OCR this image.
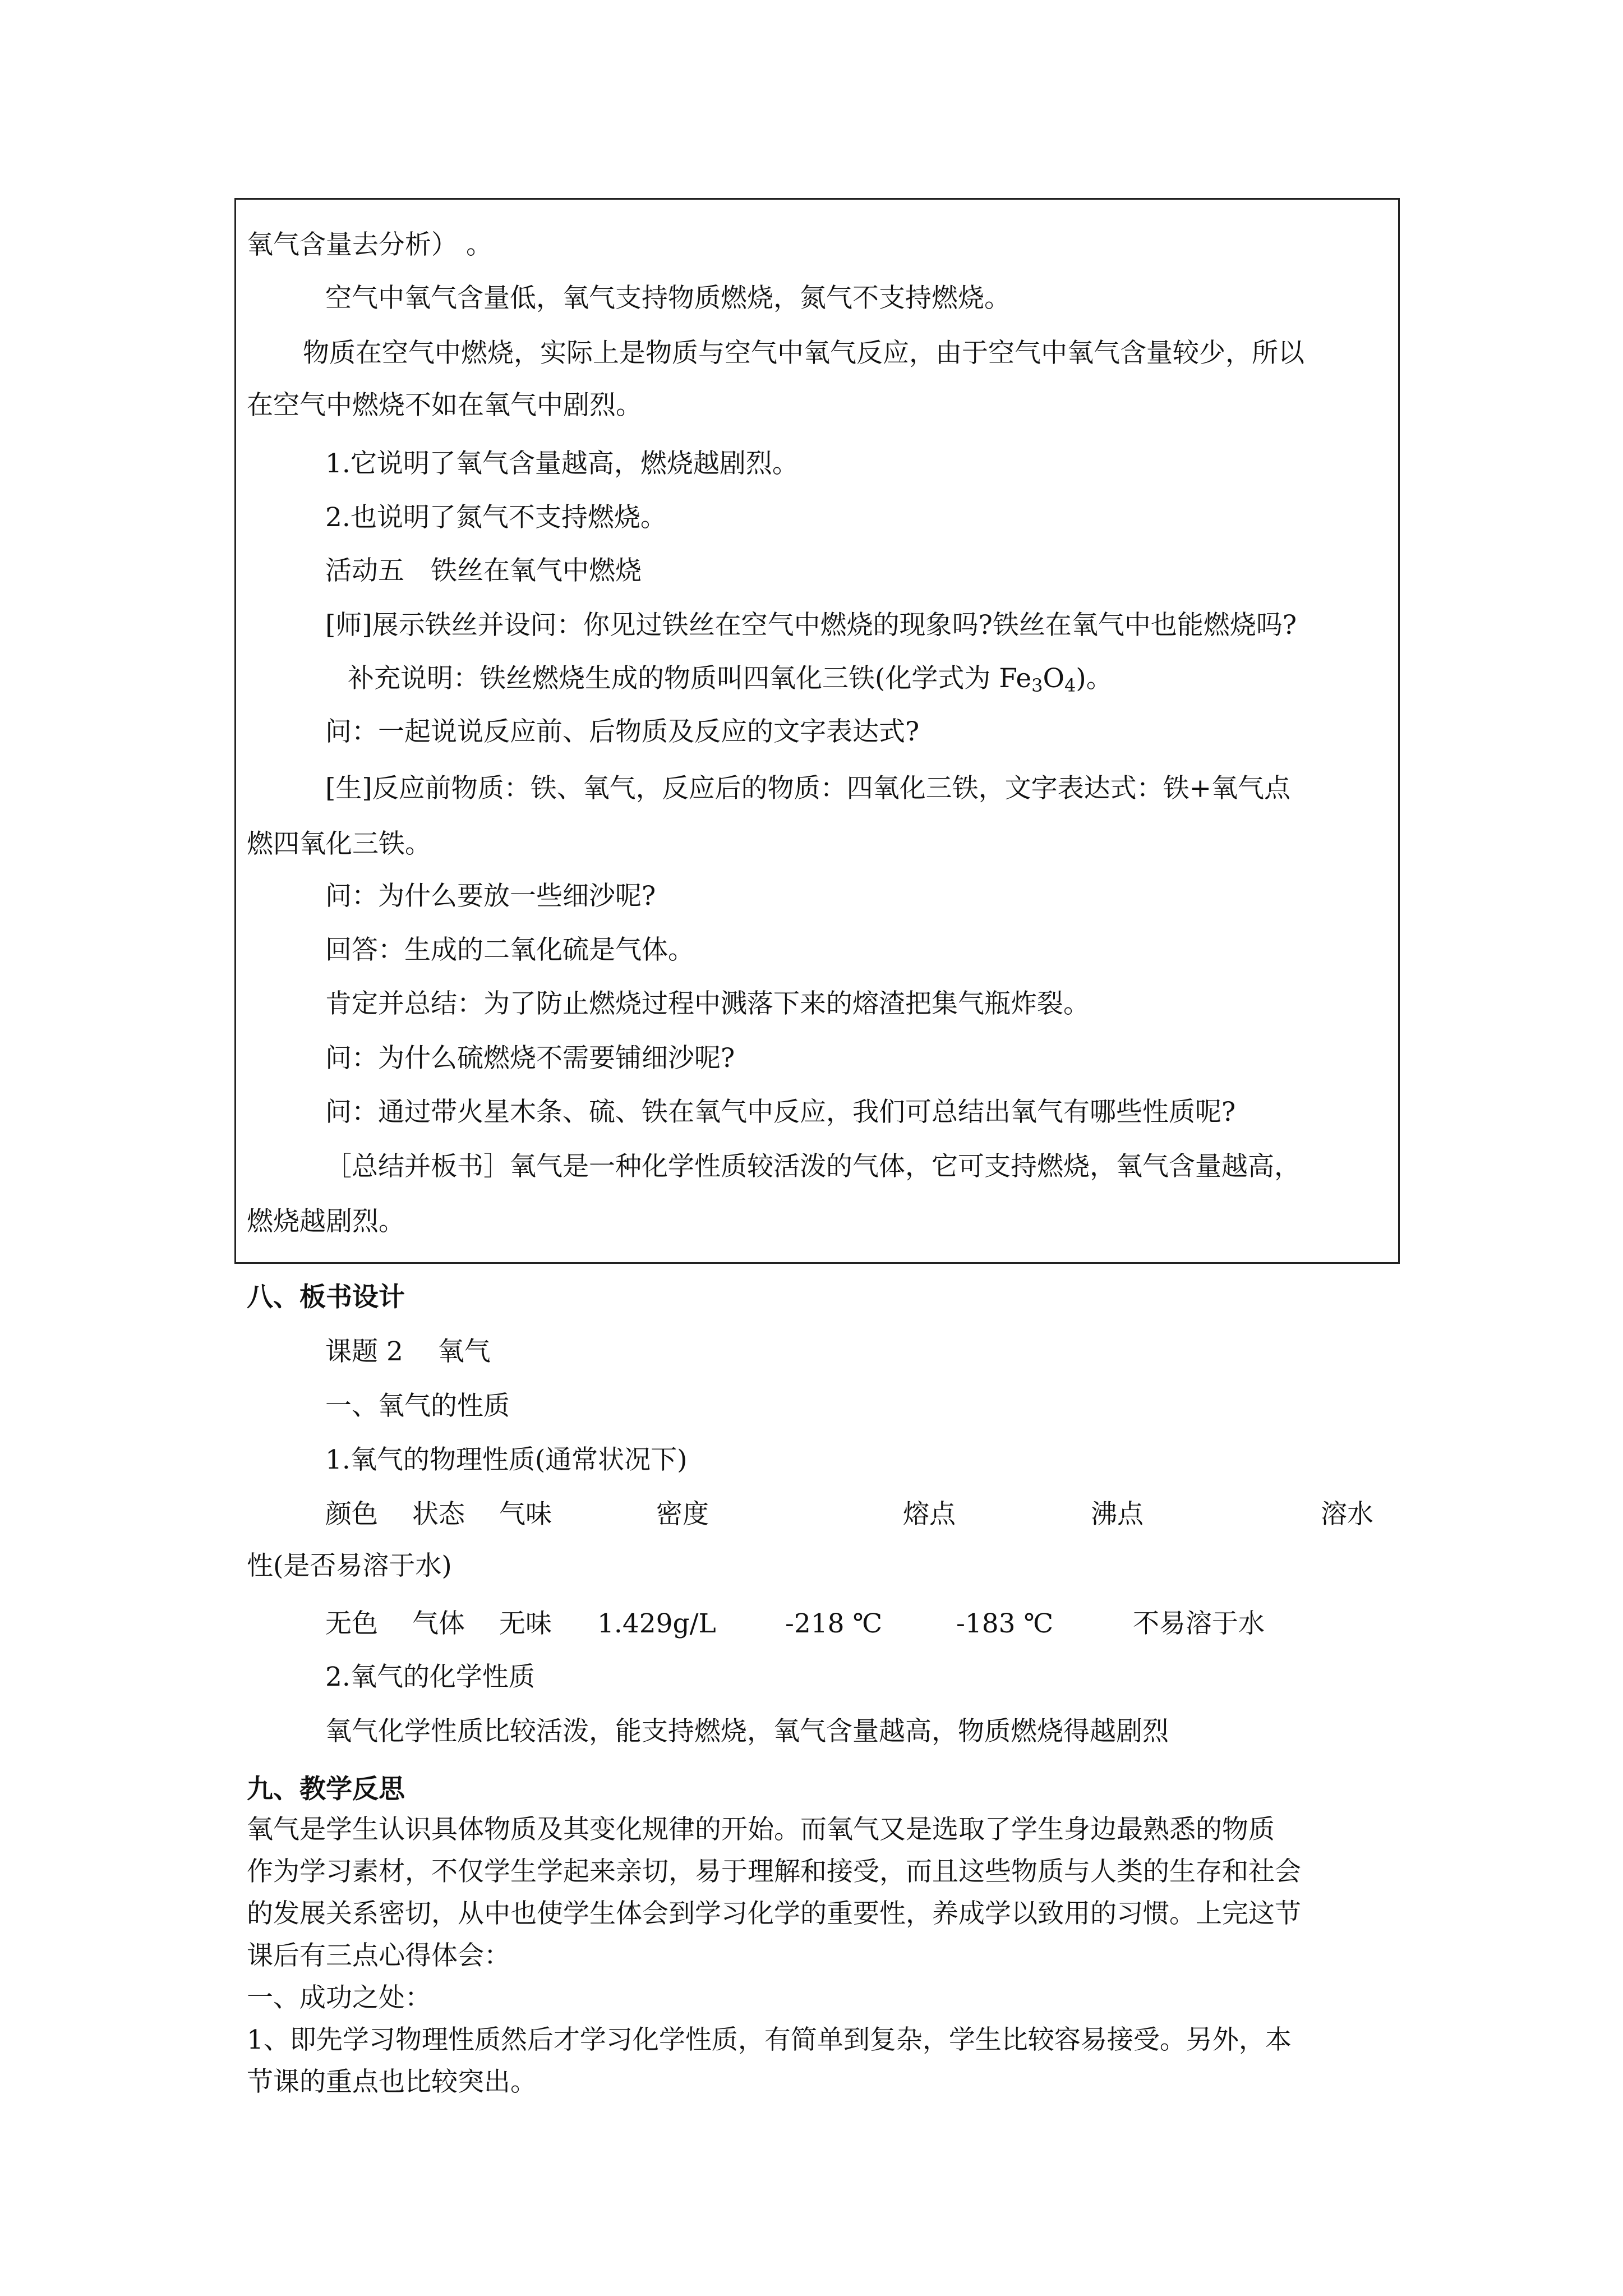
氧气含量去分析） 。
空气中氧气含量低，氧气支持物质燃烧，氮气不支持燃烧。
物质在空气中燃烧，实际上是物质与空气中氧气反应，由于空气中氧气含量较少，所以
在空气中燃烧不如在氧气中剧烈。
1.它说明了氧气含量越高，燃烧越剧烈。
2.也说明了氮气不支持燃烧。
活动五　铁丝在氧气中燃烧
[师]展示铁丝并设问：你见过铁丝在空气中燃烧的现象吗?铁丝在氧气中也能燃烧吗?
补充说明：铁丝燃烧生成的物质叫四氧化三铁(化学式为 $Fe_3O_4$)。
问：一起说说反应前、后物质及反应的文字表达式?
[生]反应前物质：铁、氧气，反应后的物质：四氧化三铁，文字表达式：铁+氧气点
燃四氧化三铁。
问：为什么要放一些细沙呢?
回答：生成的二氧化硫是气体。
肯定并总结：为了防止燃烧过程中溅落下来的熔渣把集气瓶炸裂。
问：为什么硫燃烧不需要铺细沙呢?
问：通过带火星木条、硫、铁在氧气中反应，我们可总结出氧气有哪些性质呢?
［总结并板书］氧气是一种化学性质较活泼的气体，它可支持燃烧，氧气含量越高，
燃烧越剧烈。
八、板书设计
课题 2　 氧气
一、氧气的性质
1.氧气的物理性质(通常状况下)
颜色 状态 气味	密度	熔点	沸点	溶水
性(是否易溶于水)
无色 气体 无味 1.429g/L	-218 ℃	-183 ℃	不易溶于水
2.氧气的化学性质
氧气化学性质比较活泼，能支持燃烧，氧气含量越高，物质燃烧得越剧烈
九、教学反思
氧气是学生认识具体物质及其变化规律的开始。而氧气又是选取了学生身边最熟悉的物质
作为学习素材，不仅学生学起来亲切，易于理解和接受，而且这些物质与人类的生存和社会
的发展关系密切，从中也使学生体会到学习化学的重要性，养成学以致用的习惯。上完这节
课后有三点心得体会：
一、成功之处：
1、即先学习物理性质然后才学习化学性质，有简单到复杂，学生比较容易接受。另外，本
节课的重点也比较突出。
